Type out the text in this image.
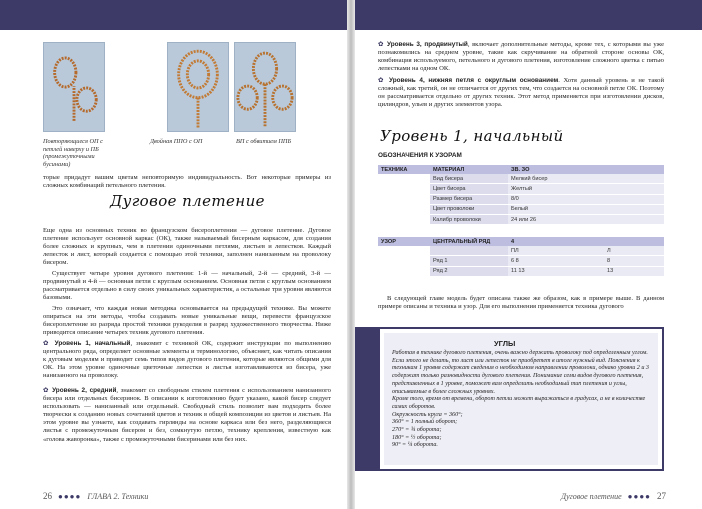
Повторяющиеся ОП с петлей наверху и ПБ (промежуточными бусинами)
Двойная ППО с ОП	ВП с обвитием ППБ
торые придадут вашим цветам неповторимую индивидуальность. Вот некоторые примеры из сложных комбинаций петельного плетения.
Дуговое плетение
Еще одна из основных техник во французском бисероплетении — дуговое плетение. Дуговое плетение использует основной каркас (ОК), также называемый бисерным каркасом, для создания более сложных и крупных, чем в плетении одиночными петлями, листьев и лепестков. Каждый лепесток и лист, который создается с помощью этой техники, заполнен нанизанным на проволоку бисером.
Существует четыре уровня дугового плетения: 1-й — начальный, 2-й — средний, 3-й — продвинутый и 4-й — основная петля с круглым основанием. Основная петля с круглым основанием рассматривается отдельно в силу своих уникальных характеристик, а остальные три уровня являются базовыми.
Это означает, что каждая новая методика основывается на предыдущей технике. Вы можете опираться на эти методы, чтобы создавать новые уникальные вещи, перевести французское бисероплетение из разряда простой техники рукоделия в разряд художественного творчества. Ниже приводится описание четырех техник дугового плетения.
✿ Уровень 1, начальный, знакомит с техникой ОК, содержит инструкции по выполнению центрального ряда, определяет основные элементы и терминологию, объясняет, как читать описания к дуговым моделям и приводит семь типов видов дугового плетения, которые являются общими для ОК. На этом уровне одиночные цветочные лепестки и листья изготавливаются из бисера, уже нанизанного на проволоку.
✿ Уровень 2, средний, знакомит со свободным стилем плетения с использованием нанизанного бисера или отдельных бисеринок. В описании к изготовлению будет указано, какой бисер следует использовать — нанизанный или отдельный. Свободный стиль позволит вам подходить более творчески к созданию новых сочетаний цветов и техник в общей композиции из цветов и листьев. На этом уровне вы узнаете, как создавать гирлянды на основе каркаса или без него, разделяющиеся листья с промежуточным бисером и без, сомкнутую петлю, технику крепления, известную как «голова жаворонка», также с промежуточными бисеринами или без них.
26 ●●●● ГЛАВА 2. Техники
✿ Уровень 3, продвинутый, включает дополнительные методы, кроме тех, с которыми вы уже познакомились на среднем уровне, такие как скручивание на обратной стороне основы ОК, комбинация используемого, петельного и дугового плетения, изготовление сложного цветка с пятью лепестками на одном ОК.
✿ Уровень 4, нижняя петля с округлым основанием. Хотя данный уровень и не такой сложный, как третий, он не отличается от других тем, что создается на основной петле ОК. Поэтому он рассматривается отдельно от других техник. Этот метод применяется при изготовлении дисков, цилиндров, ульев и других элементов узора.
Уровень 1, начальный
ОБОЗНАЧЕНИЯ К УЗОРАМ
ТЕХНИКА	МАТЕРИАЛ	ЗВ. ЗО
	Вид бисера	Мелкий бисер
	Цвет бисера	Желтый
	Размер бисера	8/0
	Цвет проволоки	Белый
	Калибр проволоки	24 или 26
УЗОР	ЦЕНТРАЛЬНЫЙ РЯД	4	
		ПЛ	Л
	Ряд 1	6 8	8
	Ряд 2	11 13	13
В следующей главе модель будет описана также же образом, как в примере выше. В данном примере описаны и техника и узор. Для его выполнения применяется техника дугового
УГЛЫ
Работая в технике дугового плетения, очень важно держать проволоку под определенным углом. Если этого не делать, то лист или лепесток не приобретет в итоге нужный вид. Пояснения к техникам 1 уровня содержат сведения о необходимом направлении проволоки, однако уровни 2 и 3 содержат только разновидности дугового плетения. Понимание семи видов дугового плетения, представленных в 1 уровне, поможет вам определить необходимый тип плетения и углы, описываемые в более сложных уровнях.
Кроме того, время от времени, оборот петли может выражаться в градусах, а не в количестве самих оборотов.
Окружность круга = 360°;
360° = 1 полный оборот;
270° = ¾ оборота;
180° = ½ оборота;
90° = ¼ оборота.
Дуговое плетение ●●●● 27
